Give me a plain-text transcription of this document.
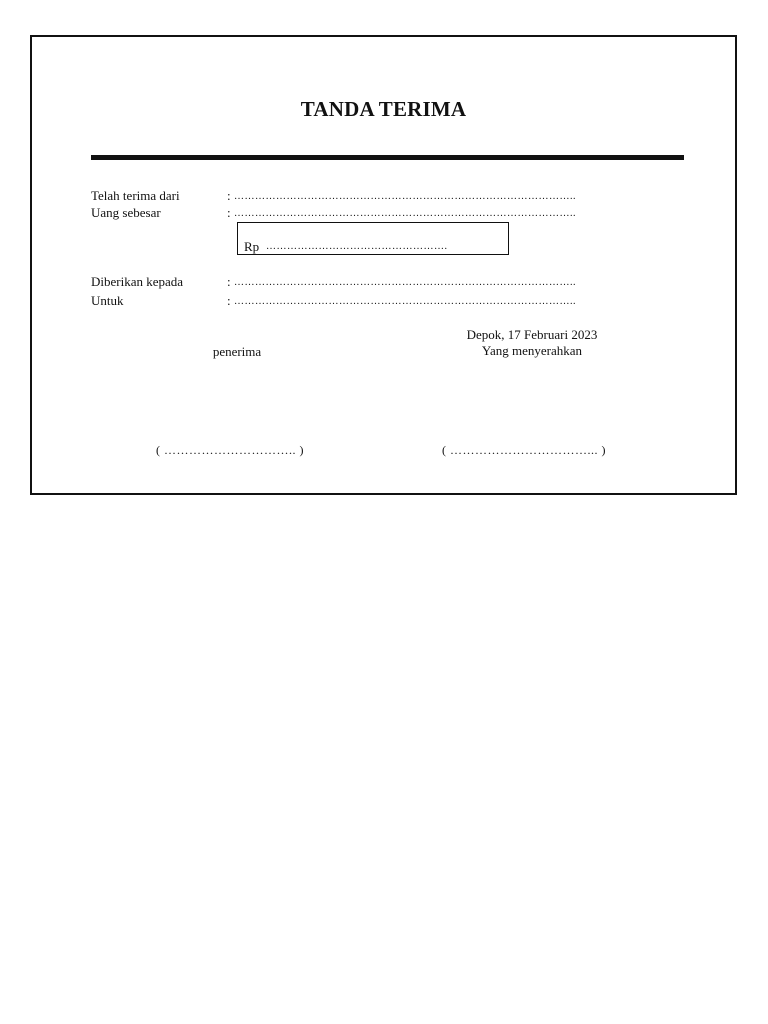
TANDA TERIMA
Telah terima dari	: ……………………………………………………………………………………..
Uang sebesar	: ……………………………………………………………………………………..
Rp …………………………………………….
Diberikan kepada	: ……………………………………………………………………………………..
Untuk	: ……………………………………………………………………………………..
Depok, 17 Februari 2023
penerima	Yang menyerahkan
( ………………………….. )	( ……………………………... )
